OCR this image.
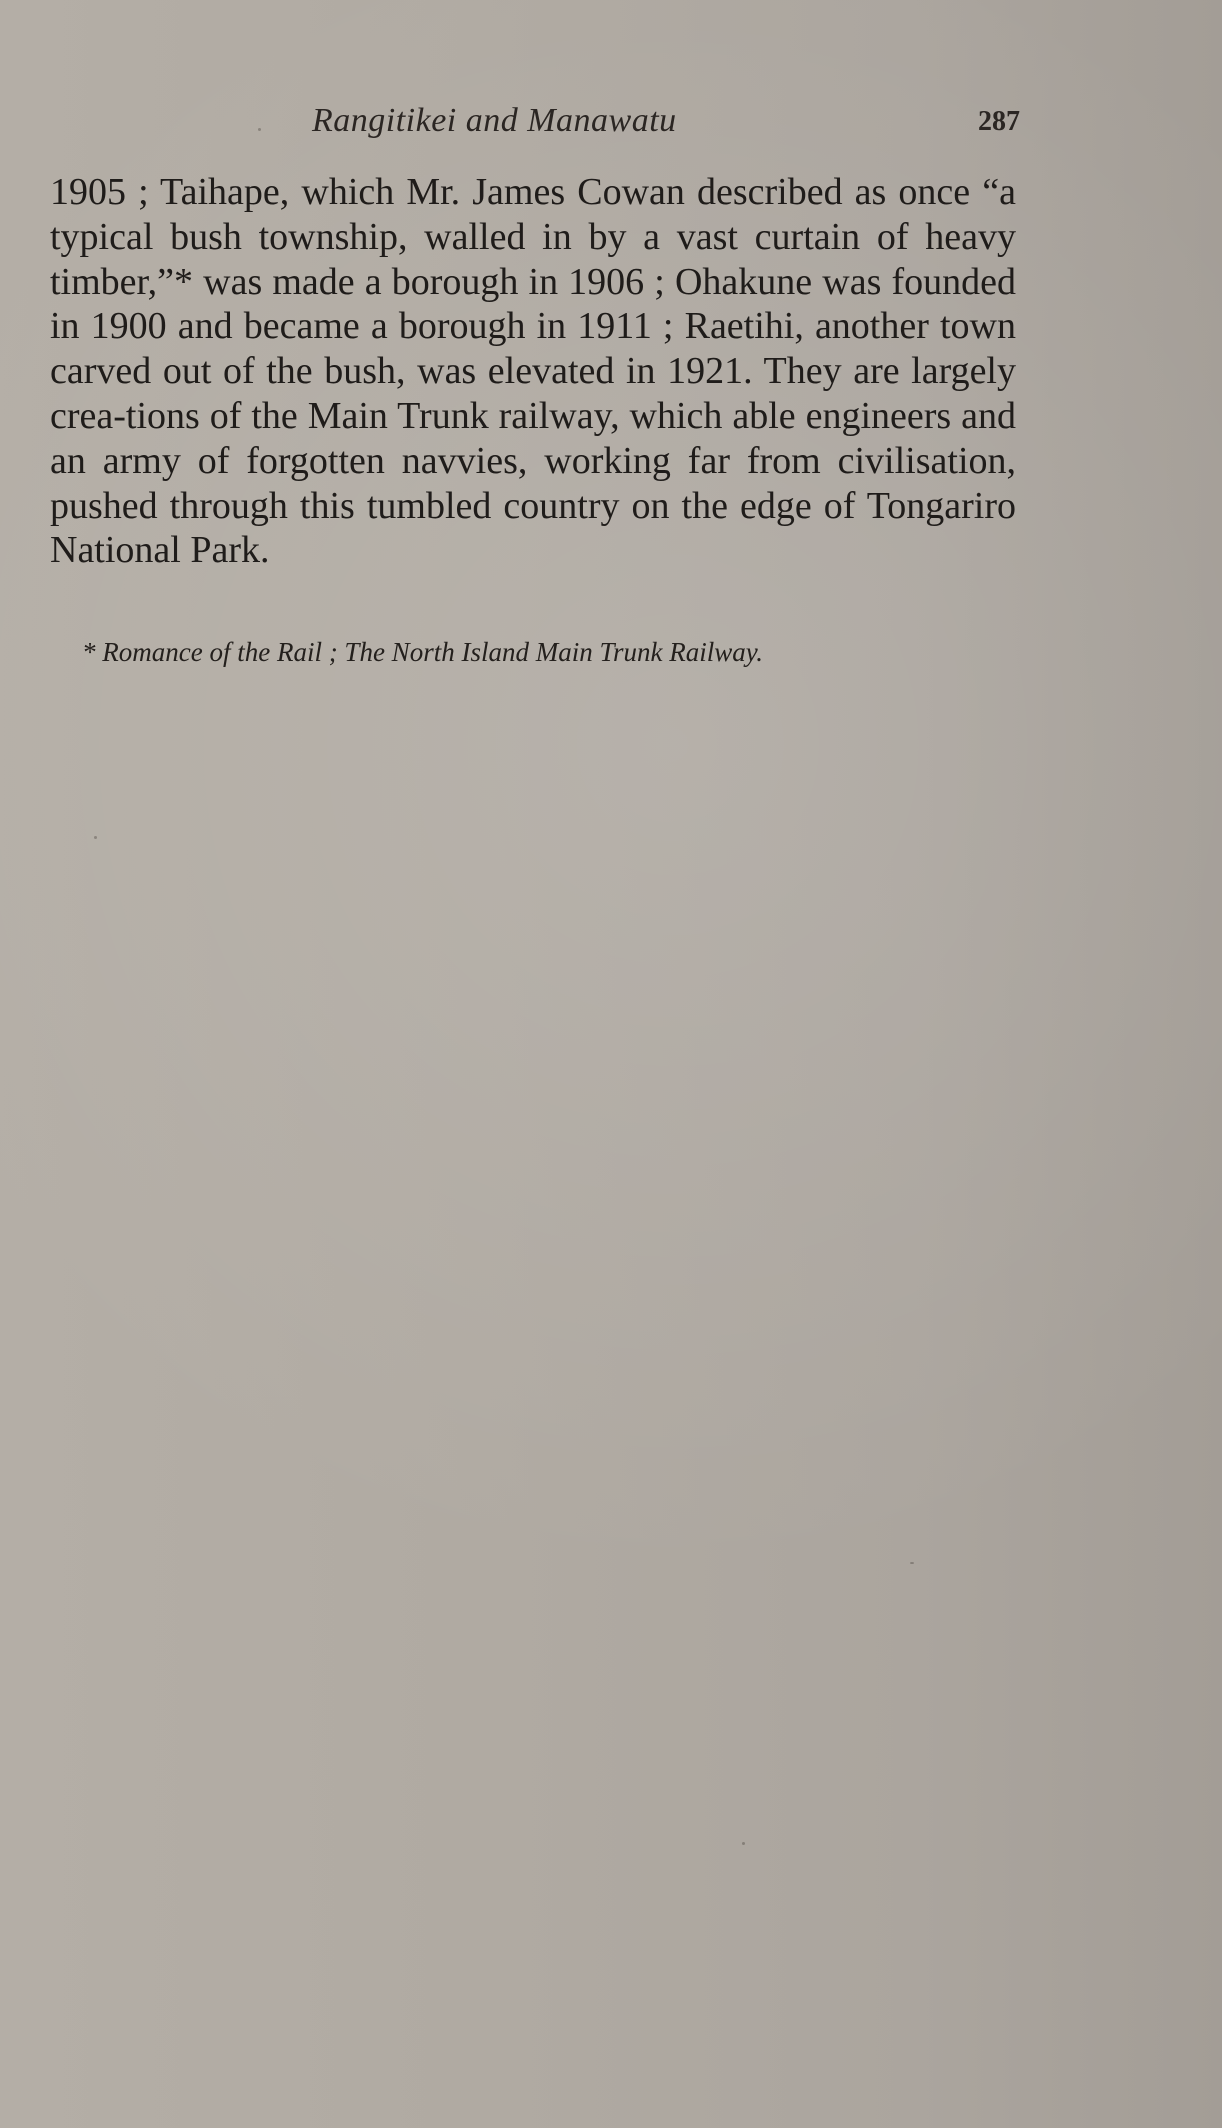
Rangitikei and Manawatu	287

1905 ; Taihape, which Mr. James Cowan described as once “a typical bush township, walled in by a vast curtain of heavy timber,”* was made a borough in 1906 ; Ohakune was founded in 1900 and became a borough in 1911 ; Raetihi, another town carved out of the bush, was elevated in 1921. They are largely crea-tions of the Main Trunk railway, which able engineers and an army of forgotten navvies, working far from civilisation, pushed through this tumbled country on the edge of Tongariro National Park.

* Romance of the Rail ; The North Island Main Trunk Railway.
